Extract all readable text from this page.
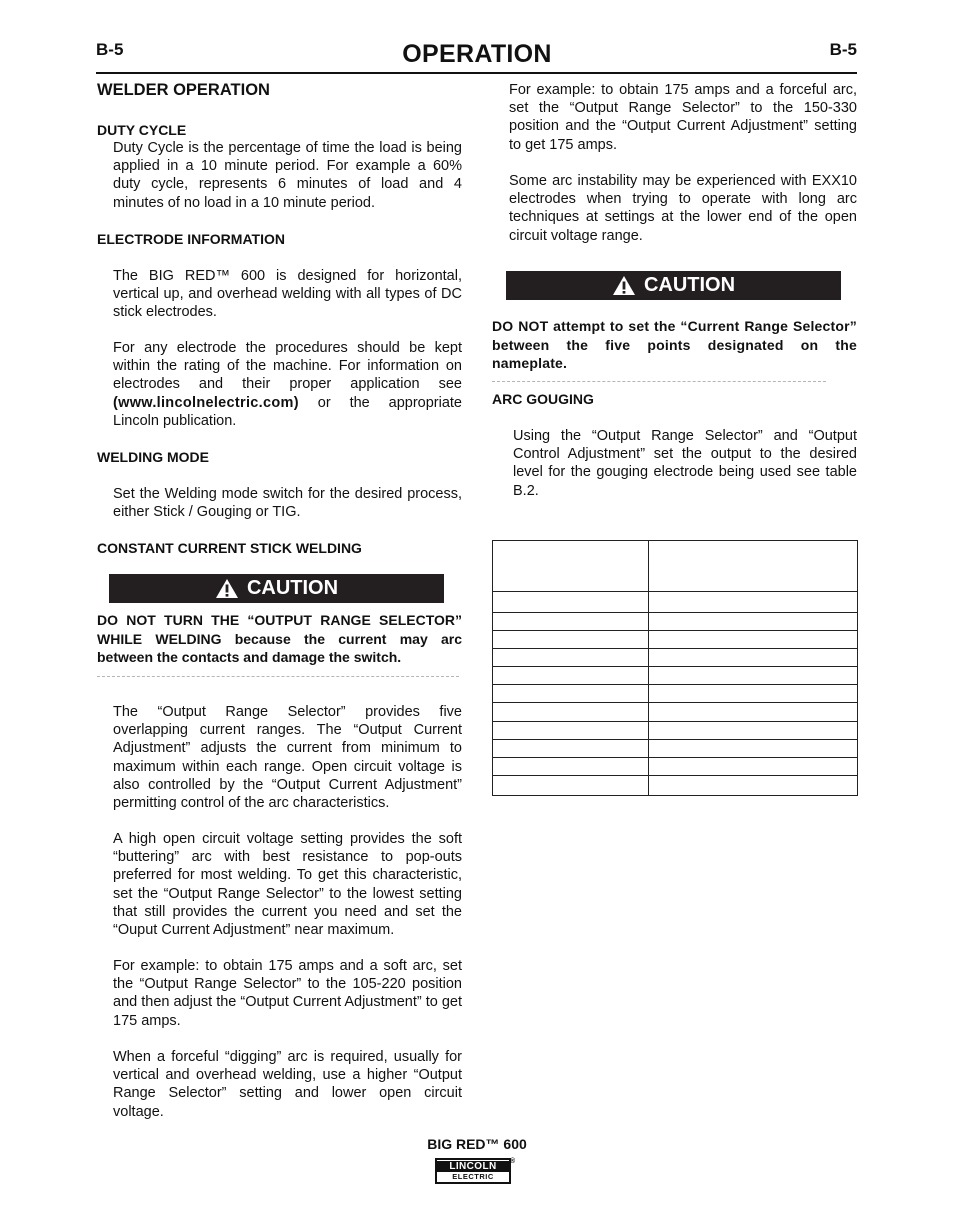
B-5	OPERATION	B-5
WELDER OPERATION
DUTY CYCLE
Duty Cycle is the percentage of time the load is being applied in a 10 minute period. For example a 60% duty cycle, represents 6 minutes of load and 4 minutes of no load in a 10 minute period.
ELECTRODE INFORMATION
The BIG RED™ 600 is designed for horizontal, vertical up, and overhead welding with all types of DC stick electrodes.
For any electrode the procedures should be kept within the rating of the machine. For information on electrodes and their proper application see (www.lincolnelectric.com) or the appropriate Lincoln publication.
WELDING MODE
Set the Welding mode switch for the desired process, either Stick / Gouging or TIG.
CONSTANT CURRENT STICK WELDING
CAUTION
DO NOT TURN THE “OUTPUT RANGE SELECTOR” WHILE WELDING because the current may arc between the contacts and damage the switch.
The “Output Range Selector” provides five overlapping current ranges. The “Output Current Adjustment” adjusts the current from minimum to maximum within each range. Open circuit voltage is also controlled by the “Output Current Adjustment” permitting control of the arc characteristics.
A high open circuit voltage setting provides the soft “buttering” arc with best resistance to pop-outs preferred for most welding. To get this characteristic, set the “Output Range Selector” to the lowest setting that still provides the current you need and set the “Ouput Current Adjustment” near maximum.
For example: to obtain 175 amps and a soft arc, set the “Output Range Selector” to the 105-220 position and then adjust the “Output Current Adjustment” to get 175 amps.
When a forceful “digging” arc is required, usually for vertical and overhead welding, use a higher “Output Range Selector” setting and lower open circuit voltage.
For example: to obtain 175 amps and a forceful arc, set the “Output Range Selector” to the 150-330 position and the “Output Current Adjustment” setting to get 175 amps.
Some arc instability may be experienced with EXX10 electrodes when trying to operate with long arc techniques at settings at the lower end of the open circuit voltage range.
CAUTION
DO NOT attempt to set the “Current Range Selector” between the five points designated on the nameplate.
ARC GOUGING
Using the “Output Range Selector” and “Output Control Adjustment” set the output to the desired level for the gouging electrode being used see table B.2.

BIG RED™ 600
LINCOLN
ELECTRIC
®
